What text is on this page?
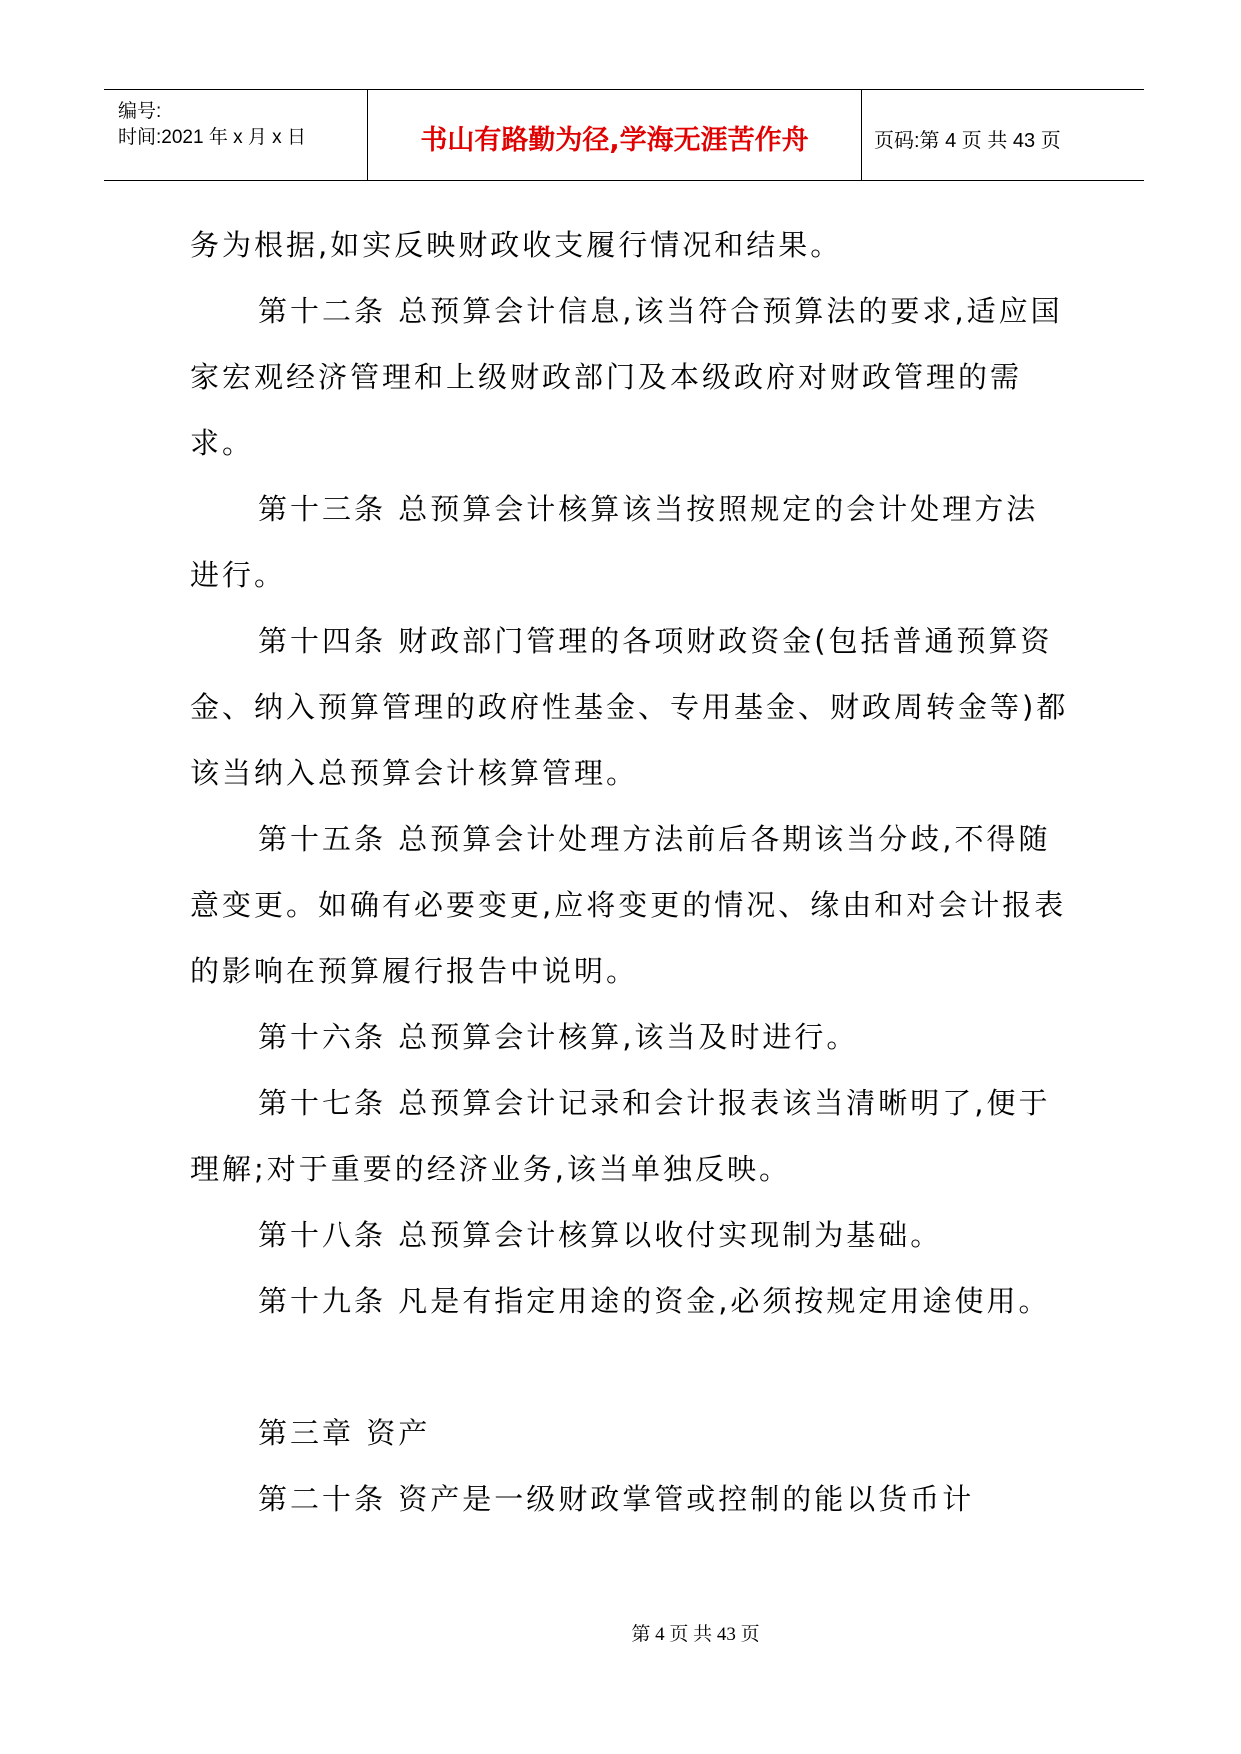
编号:
时间:2021 年 x 月 x 日	书山有路勤为径,学海无涯苦作舟	页码:第 4 页 共 43 页

务为根据,如实反映财政收支履行情况和结果。

第十二条 总预算会计信息,该当符合预算法的要求,适应国家宏观经济管理和上级财政部门及本级政府对财政管理的需求。

第十三条 总预算会计核算该当按照规定的会计处理方法进行。

第十四条 财政部门管理的各项财政资金(包括普通预算资金、纳入预算管理的政府性基金、专用基金、财政周转金等)都该当纳入总预算会计核算管理。

第十五条 总预算会计处理方法前后各期该当分歧,不得随意变更。如确有必要变更,应将变更的情况、缘由和对会计报表的影响在预算履行报告中说明。

第十六条 总预算会计核算,该当及时进行。

第十七条 总预算会计记录和会计报表该当清晰明了,便于理解;对于重要的经济业务,该当单独反映。

第十八条 总预算会计核算以收付实现制为基础。

第十九条 凡是有指定用途的资金,必须按规定用途使用。

第三章 资产

第二十条 资产是一级财政掌管或控制的能以货币计

第 4 页 共 43 页
